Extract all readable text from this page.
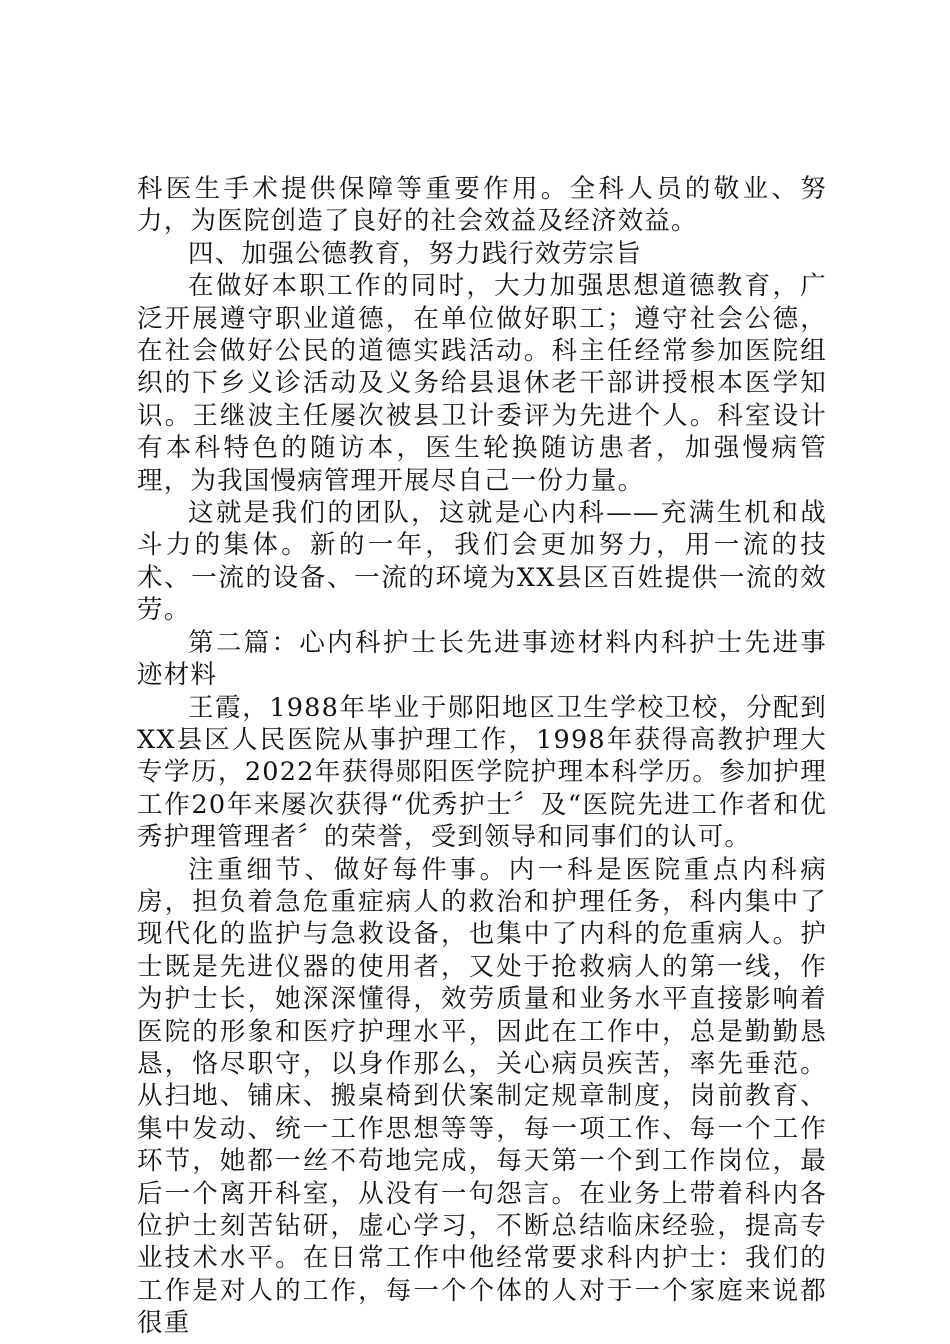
科医生手术提供保障等重要作用。全科人员的敬业、努力，为医院创造了良好的社会效益及经济效益。

四、加强公德教育，努力践行效劳宗旨

在做好本职工作的同时，大力加强思想道德教育，广泛开展遵守职业道德，在单位做好职工；遵守社会公德，在社会做好公民的道德实践活动。科主任经常参加医院组织的下乡义诊活动及义务给县退休老干部讲授根本医学知识。王继波主任屡次被县卫计委评为先进个人。科室设计有本科特色的随访本，医生轮换随访患者，加强慢病管理，为我国慢病管理开展尽自己一份力量。

这就是我们的团队，这就是心内科——充满生机和战斗力的集体。新的一年，我们会更加努力，用一流的技术、一流的设备、一流的环境为XX县区百姓提供一流的效劳。

第二篇：心内科护士长先进事迹材料内科护士先进事迹材料

王霞，1988年毕业于郧阳地区卫生学校卫校，分配到XX县区人民医院从事护理工作，1998年获得高教护理大专学历，2022年获得郧阳医学院护理本科学历。参加护理工作20年来屡次获得“优秀护士〞及“医院先进工作者和优秀护理管理者〞的荣誉，受到领导和同事们的认可。

注重细节、做好每件事。内一科是医院重点内科病房，担负着急危重症病人的救治和护理任务，科内集中了现代化的监护与急救设备，也集中了内科的危重病人。护士既是先进仪器的使用者，又处于抢救病人的第一线，作为护士长，她深深懂得，效劳质量和业务水平直接影响着医院的形象和医疗护理水平，因此在工作中，总是勤勤恳恳，恪尽职守，以身作那么，关心病员疾苦，率先垂范。从扫地、铺床、搬桌椅到伏案制定规章制度，岗前教育、集中发动、统一工作思想等等，每一项工作、每一个工作环节，她都一丝不苟地完成，每天第一个到工作岗位，最后一个离开科室，从没有一句怨言。在业务上带着科内各位护士刻苦钻研，虚心学习，不断总结临床经验，提高专业技术水平。在日常工作中他经常要求科内护士：我们的工作是对人的工作，每一个个体的人对于一个家庭来说都很重
